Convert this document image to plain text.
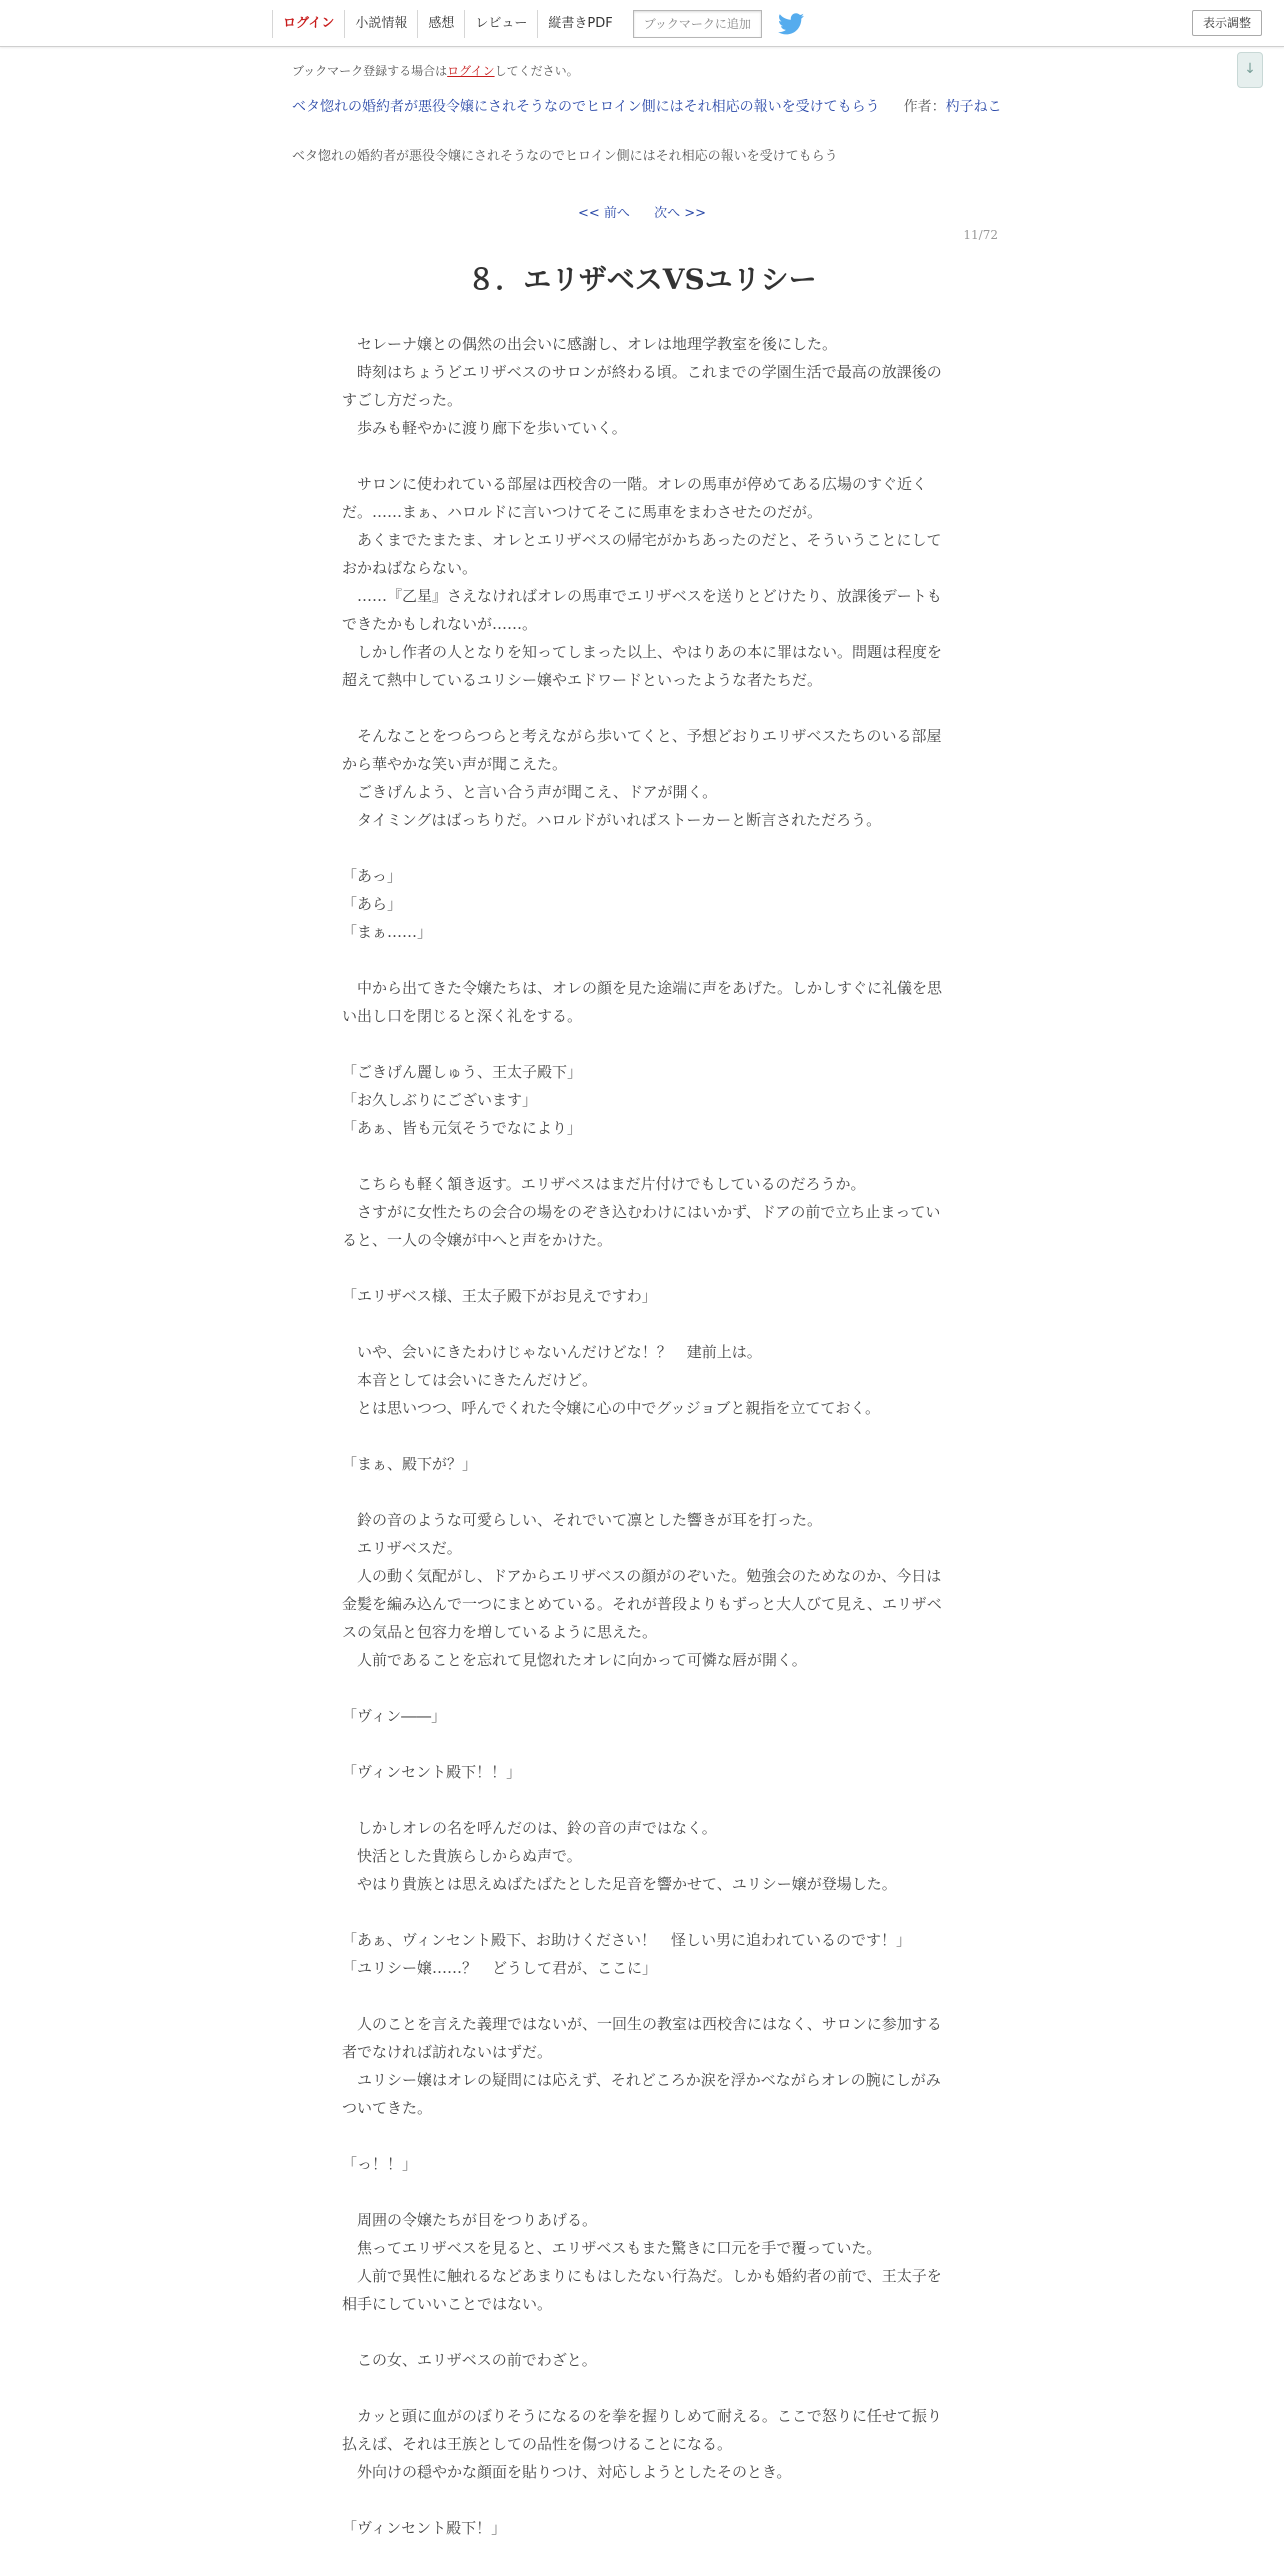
ログイン	小説情報	感想	レビュー	縦書きPDF	ブックマークに追加	表示調整
↓
ブックマーク登録する場合はログインしてください。
ベタ惚れの婚約者が悪役令嬢にされそうなのでヒロイン側にはそれ相応の報いを受けてもらう 作者：杓子ねこ
ベタ惚れの婚約者が悪役令嬢にされそうなのでヒロイン側にはそれ相応の報いを受けてもらう
<< 前へ 次へ >>
11/72
８．エリザベスVSユリシー

　セレーナ嬢との偶然の出会いに感謝し、オレは地理学教室を後にした。

　時刻はちょうどエリザベスのサロンが終わる頃。これまでの学園生活で最高の放課後のすごし方だった。

　歩みも軽やかに渡り廊下を歩いていく。

　サロンに使われている部屋は西校舎の一階。オレの馬車が停めてある広場のすぐ近くだ。……まぁ、ハロルドに言いつけてそこに馬車をまわさせたのだが。

　あくまでたまたま、オレとエリザベスの帰宅がかちあったのだと、そういうことにしておかねばならない。

　……『乙星』さえなければオレの馬車でエリザベスを送りとどけたり、放課後デートもできたかもしれないが……。

　しかし作者の人となりを知ってしまった以上、やはりあの本に罪はない。問題は程度を超えて熱中しているユリシー嬢やエドワードといったような者たちだ。

　そんなことをつらつらと考えながら歩いてくと、予想どおりエリザベスたちのいる部屋から華やかな笑い声が聞こえた。

　ごきげんよう、と言い合う声が聞こえ、ドアが開く。

　タイミングはばっちりだ。ハロルドがいればストーカーと断言されただろう。

「あっ」

「あら」

「まぁ……」

　中から出てきた令嬢たちは、オレの顔を見た途端に声をあげた。しかしすぐに礼儀を思い出し口を閉じると深く礼をする。

「ごきげん麗しゅう、王太子殿下」

「お久しぶりにございます」

「あぁ、皆も元気そうでなにより」

　こちらも軽く頷き返す。エリザベスはまだ片付けでもしているのだろうか。

　さすがに女性たちの会合の場をのぞき込むわけにはいかず、ドアの前で立ち止まっていると、一人の令嬢が中へと声をかけた。

「エリザベス様、王太子殿下がお見えですわ」

　いや、会いにきたわけじゃないんだけどな！？　建前上は。

　本音としては会いにきたんだけど。

　とは思いつつ、呼んでくれた令嬢に心の中でグッジョブと親指を立てておく。

「まぁ、殿下が？」

　鈴の音のような可愛らしい、それでいて凛とした響きが耳を打った。

　エリザベスだ。

　人の動く気配がし、ドアからエリザベスの顔がのぞいた。勉強会のためなのか、今日は金髪を編み込んで一つにまとめている。それが普段よりもずっと大人びて見え、エリザベスの気品と包容力を増しているように思えた。

　人前であることを忘れて見惚れたオレに向かって可憐な唇が開く。

「ヴィン――」

「ヴィンセント殿下！！」

　しかしオレの名を呼んだのは、鈴の音の声ではなく。

　快活とした貴族らしからぬ声で。

　やはり貴族とは思えぬばたばたとした足音を響かせて、ユリシー嬢が登場した。

「あぁ、ヴィンセント殿下、お助けください！　怪しい男に追われているのです！」

「ユリシー嬢……？　どうして君が、ここに」

　人のことを言えた義理ではないが、一回生の教室は西校舎にはなく、サロンに参加する者でなければ訪れないはずだ。

　ユリシー嬢はオレの疑問には応えず、それどころか涙を浮かべながらオレの腕にしがみついてきた。

「っ！！」

　周囲の令嬢たちが目をつりあげる。

　焦ってエリザベスを見ると、エリザベスもまた驚きに口元を手で覆っていた。

　人前で異性に触れるなどあまりにもはしたない行為だ。しかも婚約者の前で、王太子を相手にしていいことではない。

　この女、エリザベスの前でわざと。

　カッと頭に血がのぼりそうになるのを拳を握りしめて耐える。ここで怒りに任せて振り払えば、それは王族としての品性を傷つけることになる。

　外向けの穏やかな顔面を貼りつけ、対応しようとしたそのとき。

「ヴィンセント殿下！」
